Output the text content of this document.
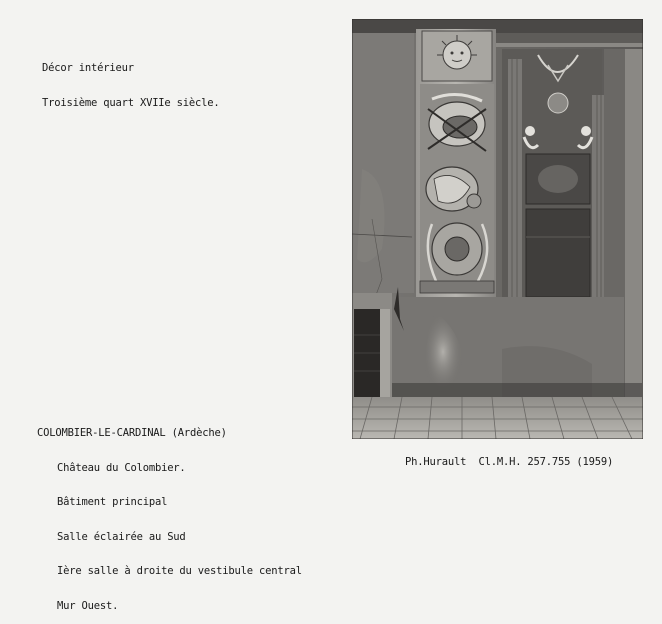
Décor intérieur

Troisième quart XVIIe siècle.

COLOMBIER-LE-CARDINAL (Ardèche)

Château du Colombier.

Bâtiment principal

Salle éclairée au Sud

Ière salle à droite du vestibule central

Mur Ouest.

Ph.Hurault  Cl.M.H. 257.755 (1959)
